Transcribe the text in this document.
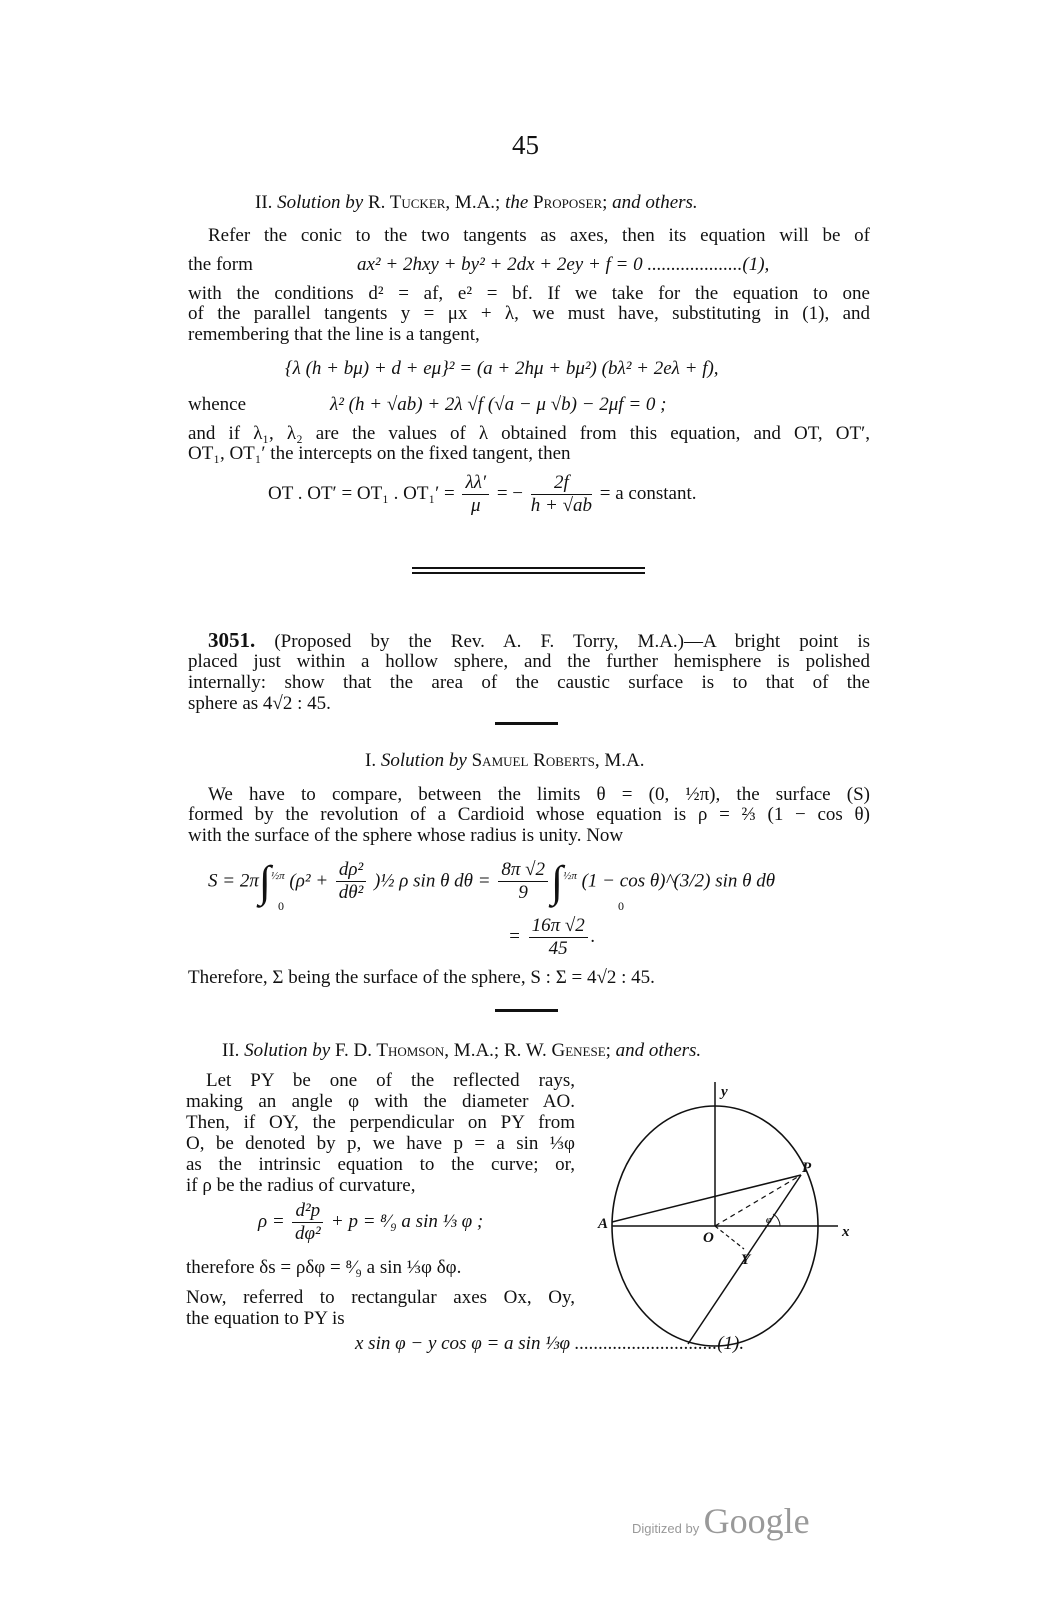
45
II. Solution by R. Tucker, M.A.; the Proposer; and others.
Refer the conic to the two tangents as axes, then its equation will be of
the form	ax² + 2hxy + by² + 2dx + 2ey + f = 0 ....................(1),
with the conditions d² = af, e² = bf. If we take for the equation to one
of the parallel tangents y = μx + λ, we must have, substituting in (1), and
remembering that the line is a tangent,
{λ (h + bμ) + d + eμ}² = (a + 2hμ + bμ²) (bλ² + 2eλ + f),
whence	λ² (h + √ab) + 2λ √f (√a − μ √b) − 2μf = 0 ;
and if λ₁, λ₂ are the values of λ obtained from this equation, and OT, OT′,
OT₁, OT₁′ the intercepts on the fixed tangent, then
OT . OT′ = OT₁ . $OT_1' = \frac{\lambda\lambda'}{\mu}$ = − $\frac{2f}{h + √ab} = a$ constant.
3051. (Proposed by the Rev. A. F. Torry, M.A.)—A bright point is
placed just within a hollow sphere, and the further hemisphere is polished
internally: show that the area of the caustic surface is to that of the
sphere as 4√2 : 45.
I. Solution by Samuel Roberts, M.A.
We have to compare, between the limits θ = (0, ½π), the surface (S)
formed by the revolution of a Cardioid whose equation is ρ = ⅔ (1 − cos θ)
with the surface of the sphere whose radius is unity. Now
S = 2π∫$^{\frac{1}{2}\pi}$ ($\rho^2 + \frac{\text{dρ²}}{\text{dθ²}}$ )½ ρ sin θ $d\theta = \frac{8\pi √2}{9} \int^{\frac{1}{2}\pi}$ (1 − cos θ)^(3/2) sin θ dθ
0	0
= $\frac{16\pi √2}{45}$ .
Therefore, Σ being the surface of the sphere, S : Σ = 4√2 : 45.
II. Solution by F. D. Thomson, M.A.; R. W. Genese; and others.
Let PY be one of the reflected rays,
making an angle φ with the diameter AO.
Then, if OY, the perpendicular on PY from
O, be denoted by p, we have p = a sin ⅓φ
as the intrinsic equation to the curve; or,
if ρ be the radius of curvature,
$\rho = \frac{\text{d²p}}{\text{dφ²}} + p$ = ⁸⁄₉ a sin ⅓ φ ;
therefore δs = ρδφ = ⁸⁄₉ a sin ⅓φ δφ.
Now, referred to rectangular axes Ox, Oy,
the equation to PY is
x sin φ − y cos φ = a sin ⅓φ ..............................(1).
A
O
P
Y
x
y
φ
Digitized by Google
